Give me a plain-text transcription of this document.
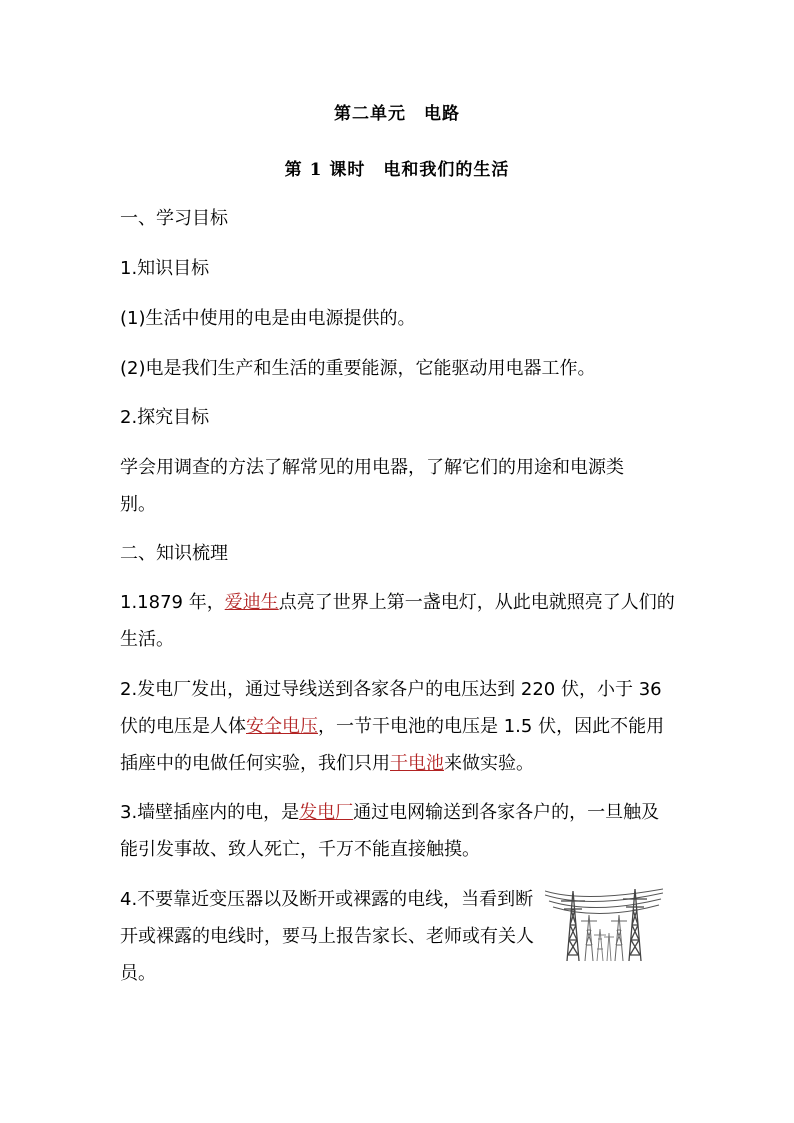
第二单元　电路
第 1 课时　电和我们的生活
一、学习目标
1.知识目标
(1)生活中使用的电是由电源提供的。
(2)电是我们生产和生活的重要能源，它能驱动用电器工作。
2.探究目标
学会用调查的方法了解常见的用电器，了解它们的用途和电源类别。
二、知识梳理
1.1879 年，爱迪生点亮了世界上第一盏电灯，从此电就照亮了人们的生活。
2.发电厂发出，通过导线送到各家各户的电压达到 220 伏，小于 36 伏的电压是人体安全电压，一节干电池的电压是 1.5 伏，因此不能用插座中的电做任何实验，我们只用干电池来做实验。
3.墙壁插座内的电，是发电厂通过电网输送到各家各户的，一旦触及能引发事故、致人死亡，千万不能直接触摸。
4.不要靠近变压器以及断开或裸露的电线，当看到断开或裸露的电线时，要马上报告家长、老师或有关人员。
